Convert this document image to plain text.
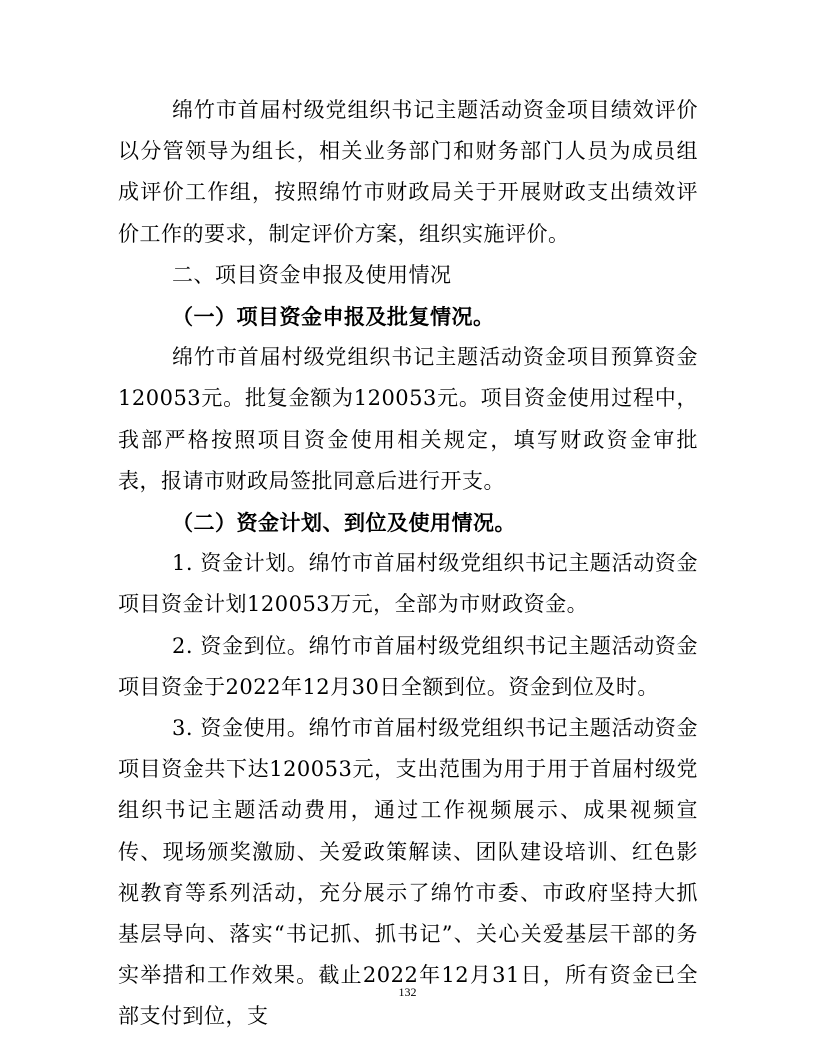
绵竹市首届村级党组织书记主题活动资金项目绩效评价以分管领导为组长，相关业务部门和财务部门人员为成员组成评价工作组，按照绵竹市财政局关于开展财政支出绩效评价工作的要求，制定评价方案，组织实施评价。

二、项目资金申报及使用情况

（一）项目资金申报及批复情况。

绵竹市首届村级党组织书记主题活动资金项目预算资金120053元。批复金额为120053元。项目资金使用过程中，我部严格按照项目资金使用相关规定，填写财政资金审批表，报请市财政局签批同意后进行开支。

（二）资金计划、到位及使用情况。

1. 资金计划。绵竹市首届村级党组织书记主题活动资金项目资金计划120053万元，全部为市财政资金。

2. 资金到位。绵竹市首届村级党组织书记主题活动资金项目资金于2022年12月30日全额到位。资金到位及时。

3. 资金使用。绵竹市首届村级党组织书记主题活动资金项目资金共下达120053元，支出范围为用于用于首届村级党组织书记主题活动费用，通过工作视频展示、成果视频宣传、现场颁奖激励、关爱政策解读、团队建设培训、红色影视教育等系列活动，充分展示了绵竹市委、市政府坚持大抓基层导向、落实“书记抓、抓书记”、关心关爱基层干部的务实举措和工作效果。截止2022年12月31日，所有资金已全部支付到位，支

132
